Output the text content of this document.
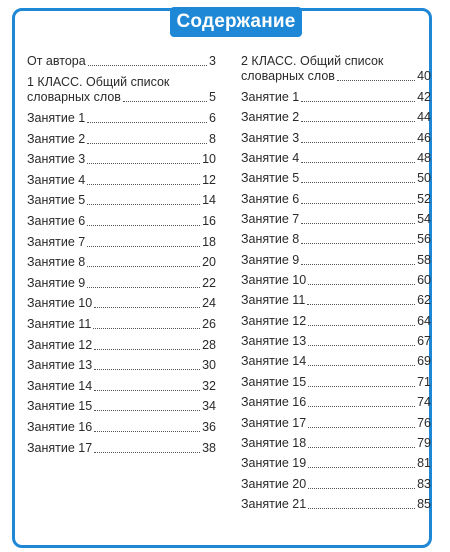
Содержание
От автора	3
1 КЛАСС. Общий список
словарных слов	5
Занятие 1	6
Занятие 2	8
Занятие 3	10
Занятие 4	12
Занятие 5	14
Занятие 6	16
Занятие 7	18
Занятие 8	20
Занятие 9	22
Занятие 10	24
Занятие 11	26
Занятие 12	28
Занятие 13	30
Занятие 14	32
Занятие 15	34
Занятие 16	36
Занятие 17	38
2 КЛАСС. Общий список
словарных слов	40
Занятие 1	42
Занятие 2	44
Занятие 3	46
Занятие 4	48
Занятие 5	50
Занятие 6	52
Занятие 7	54
Занятие 8	56
Занятие 9	58
Занятие 10	60
Занятие 11	62
Занятие 12	64
Занятие 13	67
Занятие 14	69
Занятие 15	71
Занятие 16	74
Занятие 17	76
Занятие 18	79
Занятие 19	81
Занятие 20	83
Занятие 21	85
